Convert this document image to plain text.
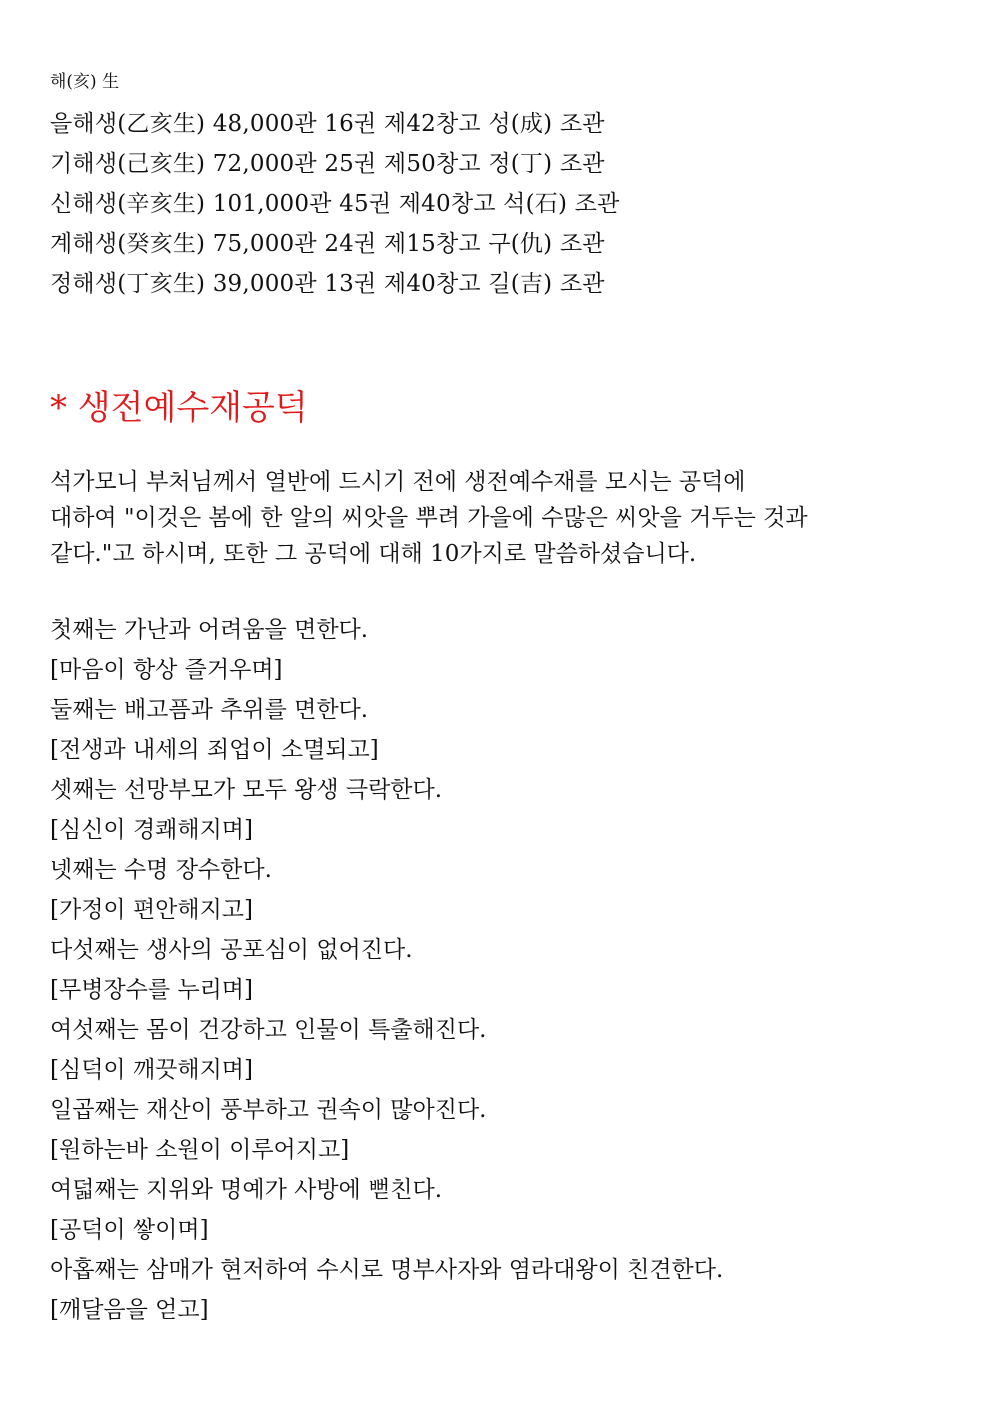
해(亥) 生
을해생(乙亥生) 48,000관 16권 제42창고 성(成) 조관
기해생(己亥生) 72,000관 25권 제50창고 정(丁) 조관
신해생(辛亥生) 101,000관 45권 제40창고 석(石) 조관
계해생(癸亥生) 75,000관 24권 제15창고 구(仇) 조관
정해생(丁亥生) 39,000관 13권 제40창고 길(吉) 조관
* 생전예수재공덕
석가모니 부처님께서 열반에 드시기 전에 생전예수재를 모시는 공덕에
대하여 "이것은 봄에 한 알의 씨앗을 뿌려 가을에 수많은 씨앗을 거두는 것과
같다."고 하시며, 또한 그 공덕에 대해 10가지로 말씀하셨습니다.
첫째는 가난과 어려움을 면한다.
[마음이 항상 즐거우며]
둘째는 배고픔과 추위를 면한다.
[전생과 내세의 죄업이 소멸되고]
셋째는 선망부모가 모두 왕생 극락한다.
[심신이 경쾌해지며]
넷째는 수명 장수한다.
[가정이 편안해지고]
다섯째는 생사의 공포심이 없어진다.
[무병장수를 누리며]
여섯째는 몸이 건강하고 인물이 특출해진다.
[심덕이 깨끗해지며]
일곱째는 재산이 풍부하고 권속이 많아진다.
[원하는바 소원이 이루어지고]
여덟째는 지위와 명예가 사방에 뻗친다.
[공덕이 쌓이며]
아홉째는 삼매가 현저하여 수시로 명부사자와 염라대왕이 친견한다.
[깨달음을 얻고]
